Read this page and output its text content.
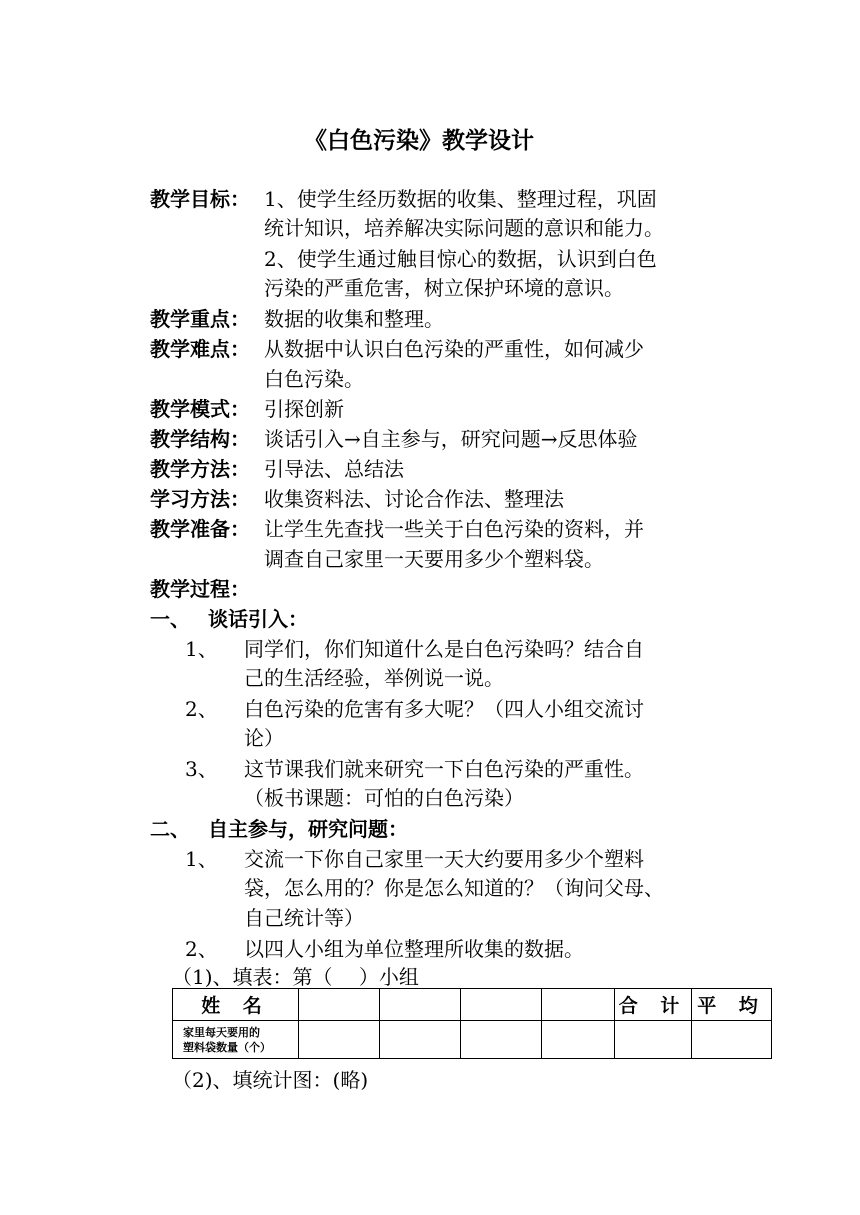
《白色污染》教学设计
教学目标： 1、使学生经历数据的收集、整理过程，巩固
统计知识，培养解决实际问题的意识和能力。
2、使学生通过触目惊心的数据，认识到白色
污染的严重危害，树立保护环境的意识。
教学重点： 数据的收集和整理。
教学难点： 从数据中认识白色污染的严重性，如何减少
白色污染。
教学模式： 引探创新
教学结构： 谈话引入→自主参与，研究问题→反思体验
教学方法： 引导法、总结法
学习方法： 收集资料法、讨论合作法、整理法
教学准备： 让学生先查找一些关于白色污染的资料，并
调查自己家里一天要用多少个塑料袋。
教学过程：
一、 谈话引入：
1、 同学们，你们知道什么是白色污染吗？结合自
己的生活经验，举例说一说。
2、 白色污染的危害有多大呢？（四人小组交流讨
论）
3、 这节课我们就来研究一下白色污染的严重性。
（板书课题：可怕的白色污染）
二、 自主参与，研究问题：
1、 交流一下你自己家里一天大约要用多少个塑料
袋，怎么用的？你是怎么知道的？（询问父母、
自己统计等）
2、 以四人小组为单位整理所收集的数据。
（1)、填表：第（　 ）小组
姓 名					合 计	平 均

家里每天要用的
塑料袋数量（个）						

（2)、填统计图：(略)
